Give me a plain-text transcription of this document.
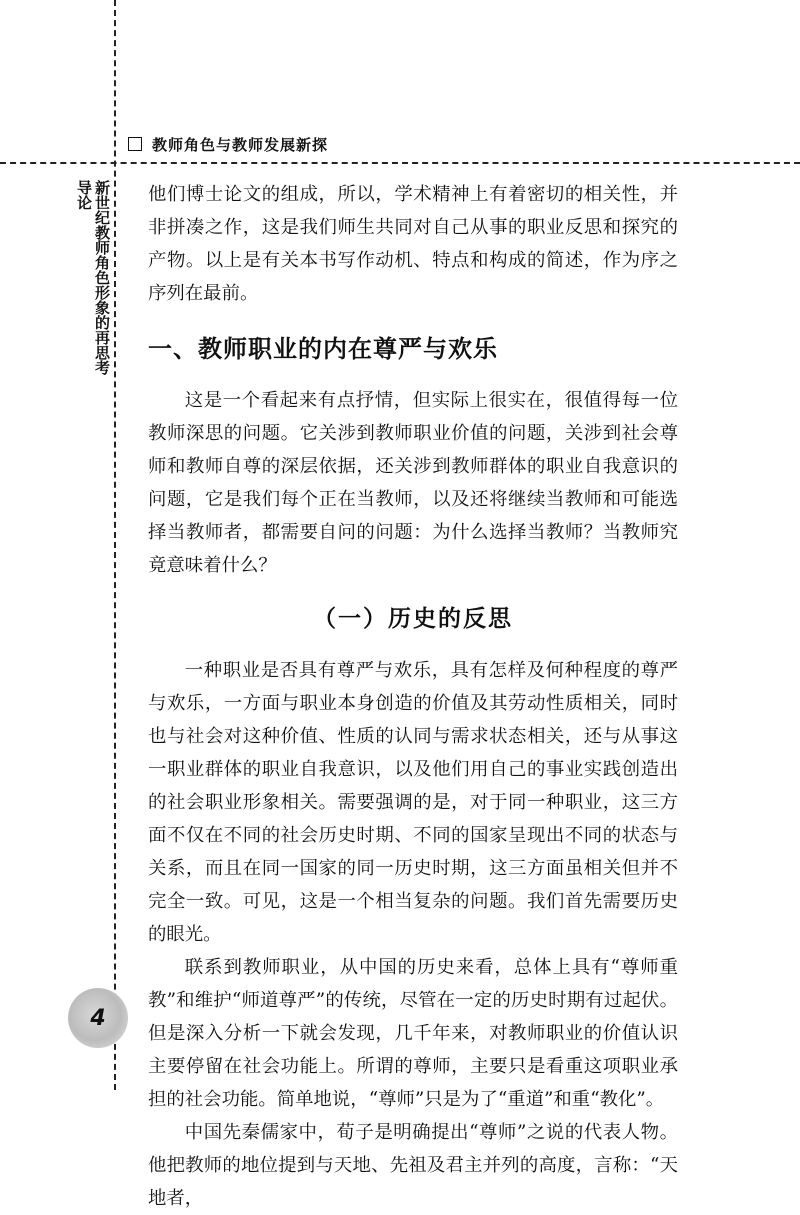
教师角色与教师发展新探
导论 新世纪教师角色形象的再思考 他们博士论文的组成，所以，学术精神上有着密切的相关性，并非拼凑之作，这是我们师生共同对自己从事的职业反思和探究的产物。以上是有关本书写作动机、特点和构成的简述，作为序之序列在最前。

一、教师职业的内在尊严与欢乐

这是一个看起来有点抒情，但实际上很实在，很值得每一位教师深思的问题。它关涉到教师职业价值的问题，关涉到社会尊师和教师自尊的深层依据，还关涉到教师群体的职业自我意识的问题，它是我们每个正在当教师，以及还将继续当教师和可能选择当教师者，都需要自问的问题：为什么选择当教师？当教师究竟意味着什么？

（一）历史的反思

一种职业是否具有尊严与欢乐，具有怎样及何种程度的尊严与欢乐，一方面与职业本身创造的价值及其劳动性质相关，同时也与社会对这种价值、性质的认同与需求状态相关，还与从事这一职业群体的职业自我意识，以及他们用自己的事业实践创造出的社会职业形象相关。需要强调的是，对于同一种职业，这三方面不仅在不同的社会历史时期、不同的国家呈现出不同的状态与关系，而且在同一国家的同一历史时期，这三方面虽相关但并不完全一致。可见，这是一个相当复杂的问题。我们首先需要历史的眼光。

联系到教师职业，从中国的历史来看，总体上具有“尊师重教”和维护“师道尊严”的传统，尽管在一定的历史时期有过起伏。但是深入分析一下就会发现，几千年来，对教师职业的价值认识主要停留在社会功能上。所谓的尊师，主要只是看重这项职业承担的社会功能。简单地说，“尊师”只是为了“重道”和重“教化”。

中国先秦儒家中，荀子是明确提出“尊师”之说的代表人物。他把教师的地位提到与天地、先祖及君主并列的高度，言称：“天地者，

4
